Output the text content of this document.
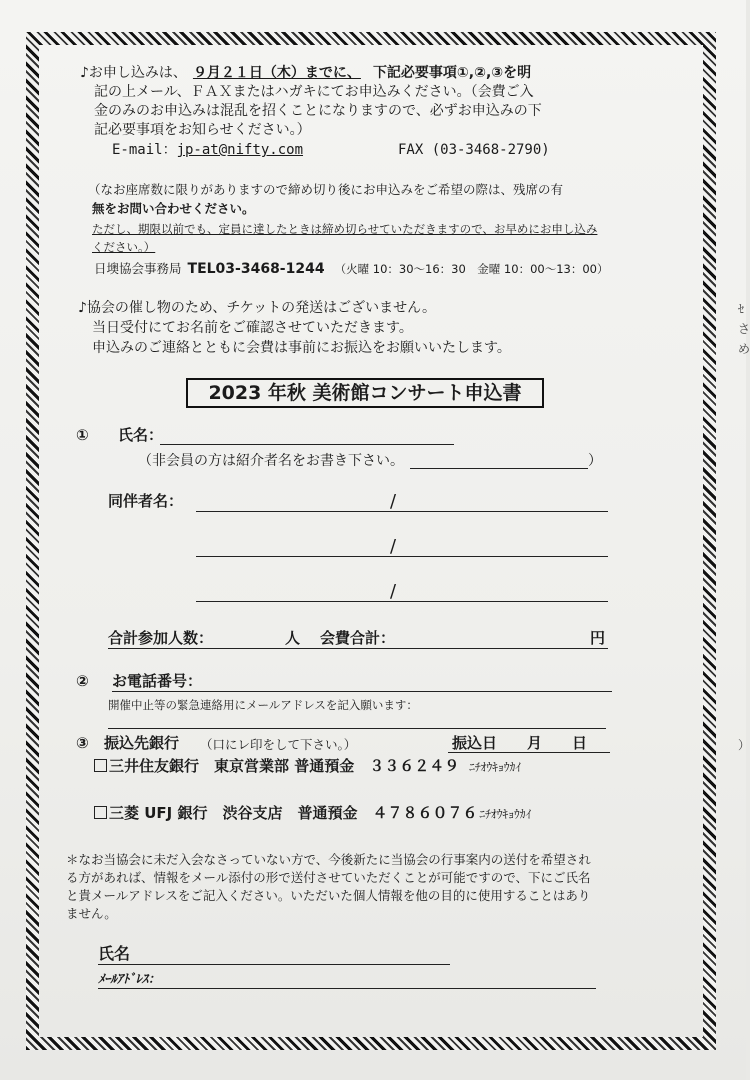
♪お申し込みは、 ９月２１日（木）までに、 下記必要事項①,②,③を明
記の上メール、ＦＡＸまたはハガキにてお申込みください。（会費ご入
金のみのお申込みは混乱を招くことになりますので、必ずお申込みの下
記必要事項をお知らせください。）
E-mail：jp-at@nifty.com	FAX (03-3468-2790)
（なお座席数に限りがありますので締め切り後にお申込みをご希望の際は、残席の有
無をお問い合わせください。
ただし、期限以前でも、定員に達したときは締め切らせていただきますので、お早めにお申し込み
ください。）
日墺協会事務局 TEL03-3468-1244 （火曜 10：30～16：30　金曜 10：00～13：00）
♪協会の催し物のため、チケットの発送はございません。
当日受付にてお名前をご確認させていただきます。
申込みのご連絡とともに会費は事前にお振込をお願いいたします。
2023 年秋 美術館コンサート申込書
① 氏名：
（非会員の方は紹介者名をお書き下さい。	）
同伴者名：	/
/
/
合計参加人数：	人 会費合計：	円
② お電話番号：
開催中止等の緊急連絡用にメールアドレスを記入願います：
③ 振込先銀行 （口にレ印をして下さい。）	振込日　　月　　日
三井住友銀行　東京営業部 普通預金　３３６２４９ ﾆﾁｵｳｷｮｳｶｲ
三菱 UFJ 銀行　渋谷支店　普通預金　４７８６０７６ ﾆﾁｵｳｷｮｳｶｲ
＊なお当協会に未だ入会なさっていない方で、今後新たに当協会の行事案内の送付を希望され
る方があれば、情報をメール添付の形で送付させていただくことが可能ですので、下にご氏名
と貴メールアドレスをご記入ください。いただいた個人情報を他の目的に使用することはあり
ません。
氏名
ﾒｰﾙｱﾄﾞﾚｽ：
ｾ
さ
め
）
